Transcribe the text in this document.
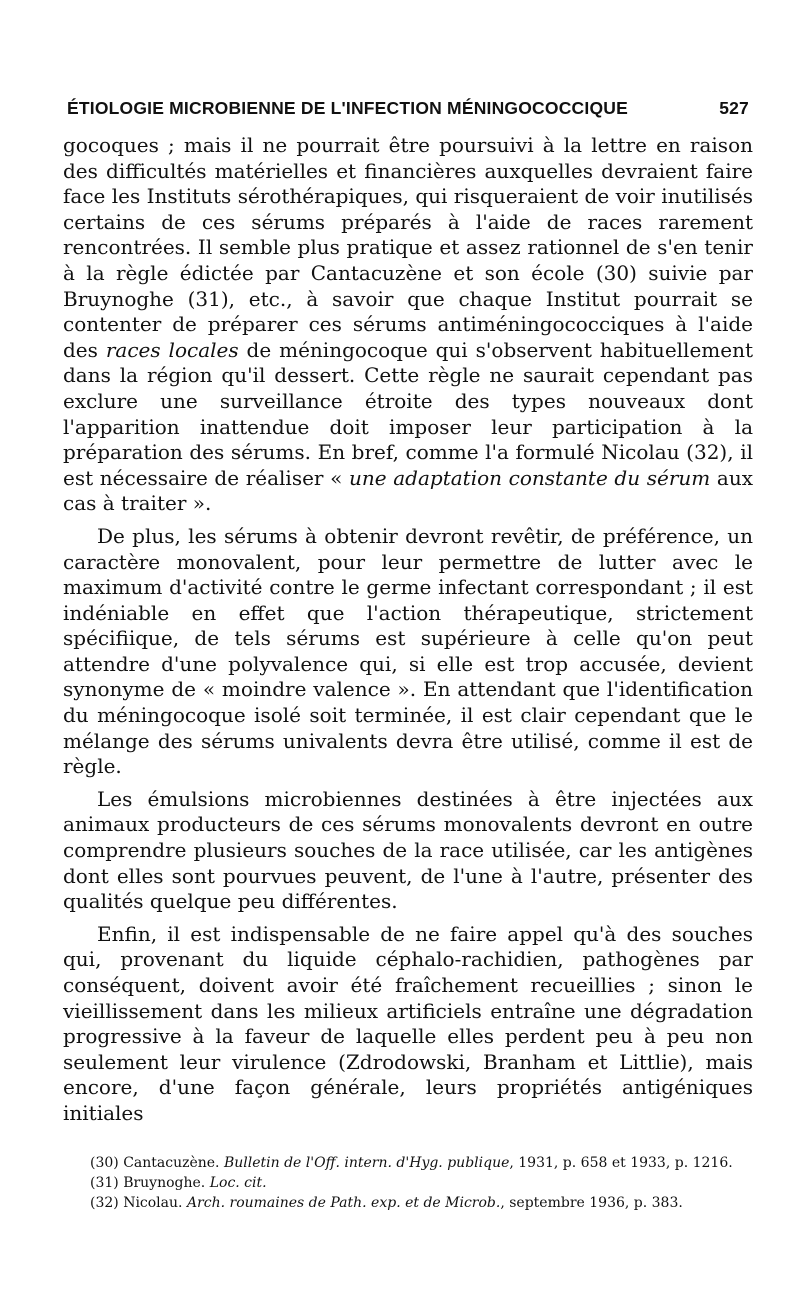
ÉTIOLOGIE MICROBIENNE DE L'INFECTION MÉNINGOCOCCIQUE	527

gocoques ; mais il ne pourrait être poursuivi à la lettre en raison des difficultés matérielles et financières auxquelles devraient faire face les Instituts sérothérapiques, qui risqueraient de voir inutilisés certains de ces sérums préparés à l'aide de races rarement rencontrées. Il semble plus pratique et assez rationnel de s'en tenir à la règle édictée par Cantacuzène et son école (30) suivie par Bruynoghe (31), etc., à savoir que chaque Institut pourrait se contenter de préparer ces sérums antiméningococciques à l'aide des races locales de méningocoque qui s'observent habituellement dans la région qu'il dessert. Cette règle ne saurait cependant pas exclure une surveillance étroite des types nouveaux dont l'apparition inattendue doit imposer leur participation à la préparation des sérums. En bref, comme l'a formulé Nicolau (32), il est nécessaire de réaliser « une adaptation constante du sérum aux cas à traiter ».

De plus, les sérums à obtenir devront revêtir, de préférence, un caractère monovalent, pour leur permettre de lutter avec le maximum d'activité contre le germe infectant correspondant ; il est indéniable en effet que l'action thérapeutique, strictement spécifiique, de tels sérums est supérieure à celle qu'on peut attendre d'une polyvalence qui, si elle est trop accusée, devient synonyme de « moindre valence ». En attendant que l'identification du méningocoque isolé soit terminée, il est clair cependant que le mélange des sérums univalents devra être utilisé, comme il est de règle.

Les émulsions microbiennes destinées à être injectées aux animaux producteurs de ces sérums monovalents devront en outre comprendre plusieurs souches de la race utilisée, car les antigènes dont elles sont pourvues peuvent, de l'une à l'autre, présenter des qualités quelque peu différentes.

Enfin, il est indispensable de ne faire appel qu'à des souches qui, provenant du liquide céphalo-rachidien, pathogènes par conséquent, doivent avoir été fraîchement recueillies ; sinon le vieillissement dans les milieux artificiels entraîne une dégradation progressive à la faveur de laquelle elles perdent peu à peu non seulement leur virulence (Zdrodowski, Branham et Littlie), mais encore, d'une façon générale, leurs propriétés antigéniques initiales

(30) Cantacuzène. Bulletin de l'Off. intern. d'Hyg. publique, 1931, p. 658 et 1933, p. 1216.

(31) Bruynoghe. Loc. cit.

(32) Nicolau. Arch. roumaines de Path. exp. et de Microb., septembre 1936, p. 383.
